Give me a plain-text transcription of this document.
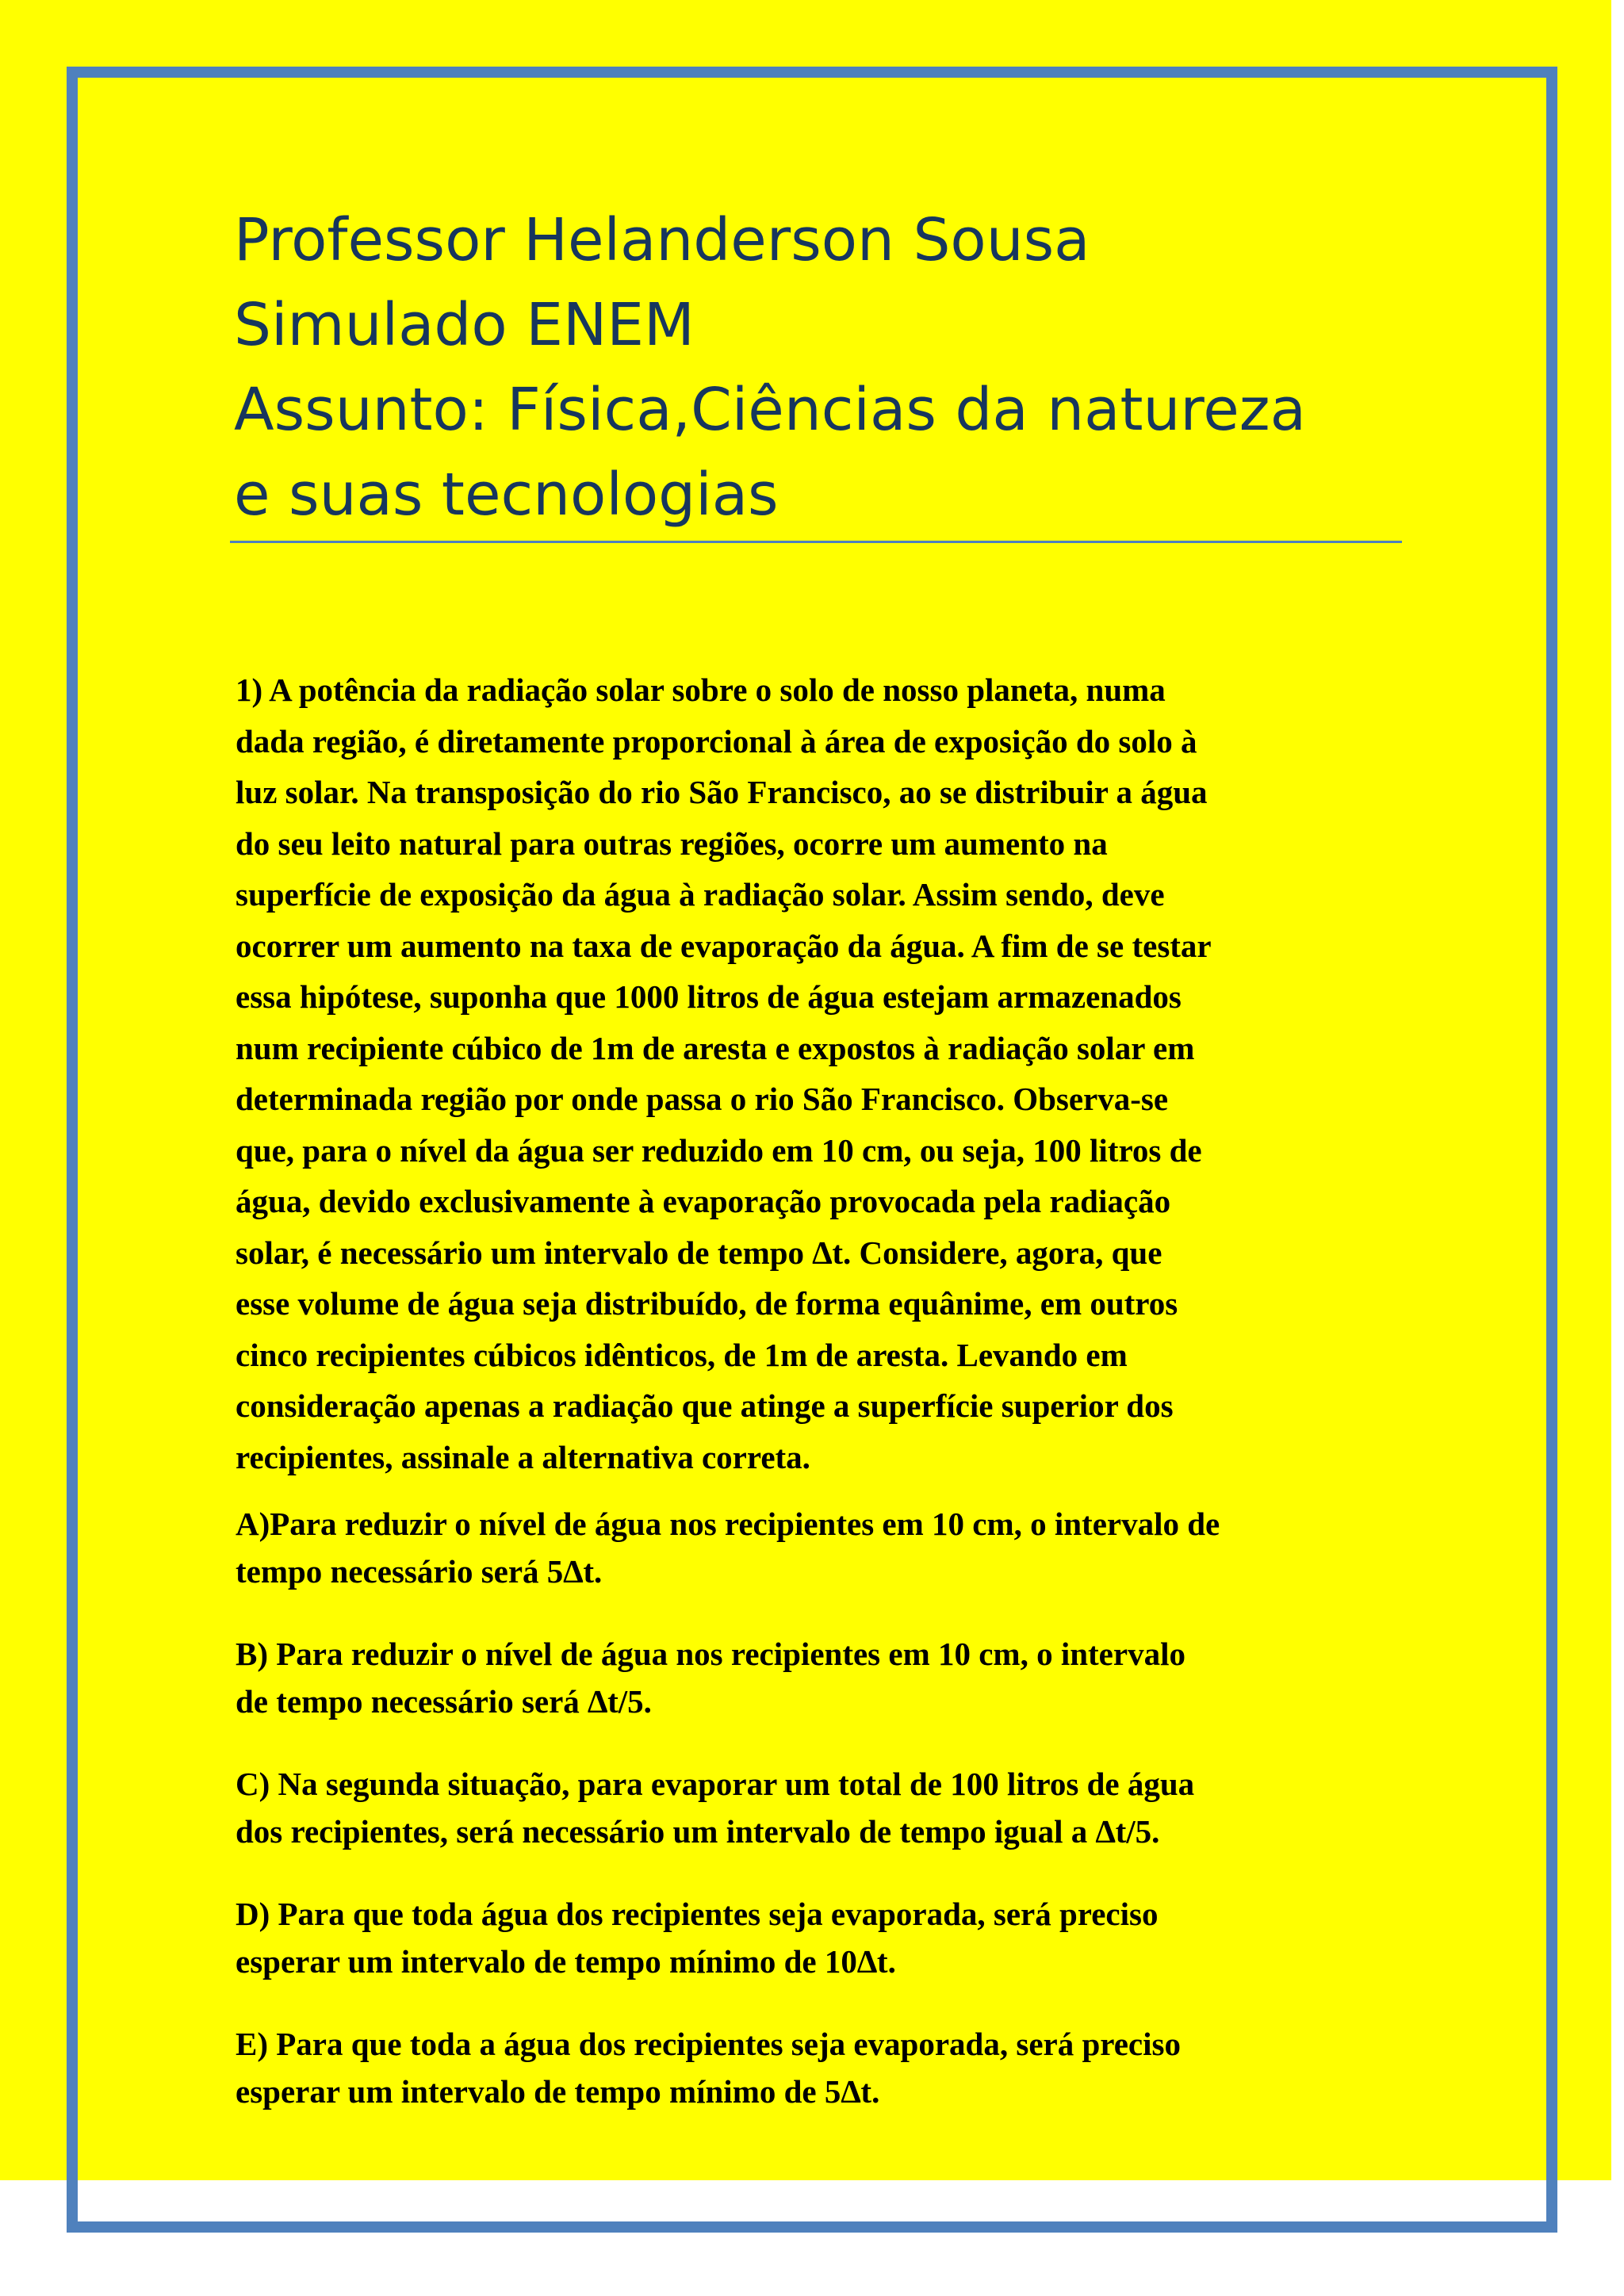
Professor Helanderson Sousa
Simulado ENEM
Assunto: Física,Ciências da natureza
e suas tecnologias

1) A potência da radiação solar sobre o solo de nosso planeta, numa
dada região, é diretamente proporcional à área de exposição do solo à
luz solar. Na transposição do rio São Francisco, ao se distribuir a água
do seu leito natural para outras regiões, ocorre um aumento na
superfície de exposição da água à radiação solar. Assim sendo, deve
ocorrer um aumento na taxa de evaporação da água. A fim de se testar
essa hipótese, suponha que 1000 litros de água estejam armazenados
num recipiente cúbico de 1m de aresta e expostos à radiação solar em
determinada região por onde passa o rio São Francisco. Observa-se
que, para o nível da água ser reduzido em 10 cm, ou seja, 100 litros de
água, devido exclusivamente à evaporação provocada pela radiação
solar, é necessário um intervalo de tempo ∆t. Considere, agora, que
esse volume de água seja distribuído, de forma equânime, em outros
cinco recipientes cúbicos idênticos, de 1m de aresta. Levando em
consideração apenas a radiação que atinge a superfície superior dos
recipientes, assinale a alternativa correta.

A)Para reduzir o nível de água nos recipientes em 10 cm, o intervalo de
tempo necessário será 5∆t.

B) Para reduzir o nível de água nos recipientes em 10 cm, o intervalo
de tempo necessário será ∆t/5.

C) Na segunda situação, para evaporar um total de 100 litros de água
dos recipientes, será necessário um intervalo de tempo igual a ∆t/5.

D) Para que toda água dos recipientes seja evaporada, será preciso
esperar um intervalo de tempo mínimo de 10∆t.

E) Para que toda a água dos recipientes seja evaporada, será preciso
esperar um intervalo de tempo mínimo de 5∆t.
